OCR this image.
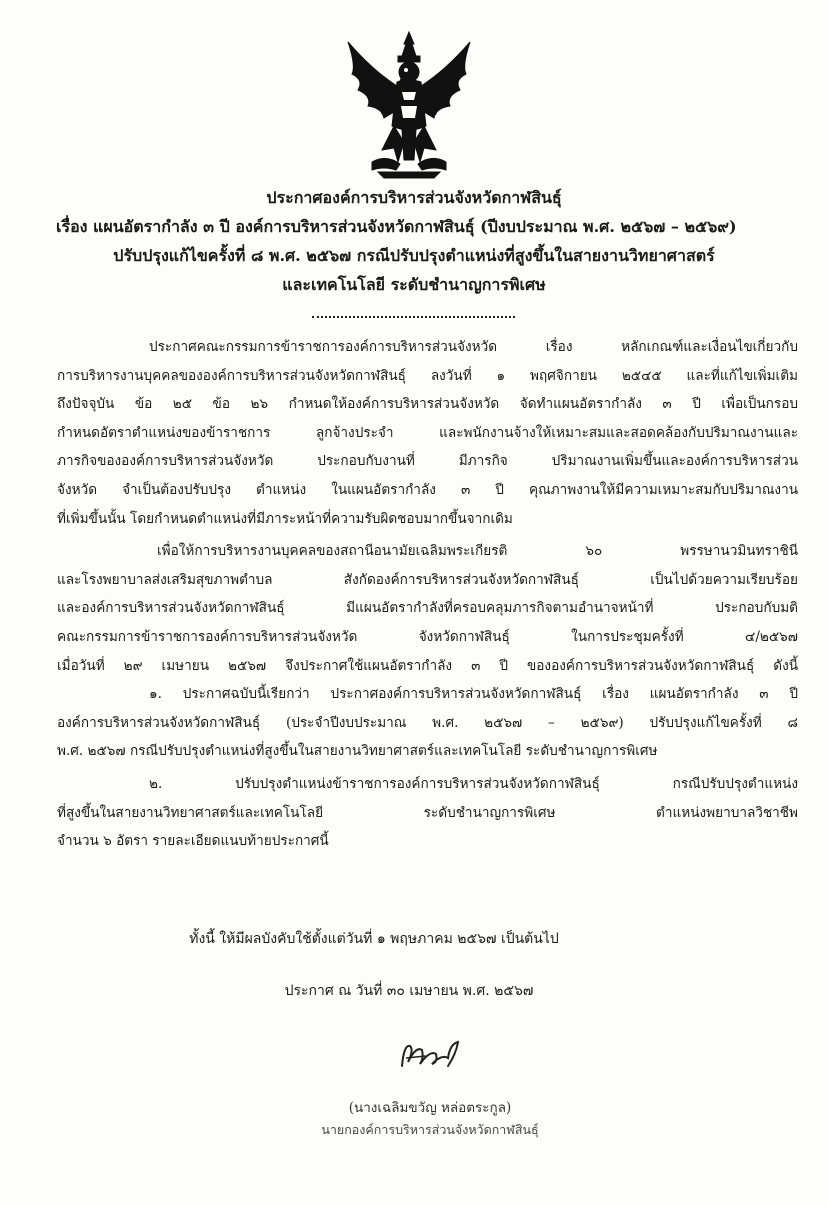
ประกาศองค์การบริหารส่วนจังหวัดกาฬสินธุ์
เรื่อง แผนอัตรากำลัง ๓ ปี องค์การบริหารส่วนจังหวัดกาฬสินธุ์ (ปีงบประมาณ พ.ศ. ๒๕๖๗ – ๒๕๖๙)
ปรับปรุงแก้ไขครั้งที่ ๘ พ.ศ. ๒๕๖๗ กรณีปรับปรุงตำแหน่งที่สูงขึ้นในสายงานวิทยาศาสตร์
และเทคโนโลยี ระดับชำนาญการพิเศษ
ประกาศคณะกรรมการข้าราชการองค์การบริหารส่วนจังหวัด เรื่อง หลักเกณฑ์และเงื่อนไขเกี่ยวกับ
การบริหารงานบุคคลขององค์การบริหารส่วนจังหวัดกาฬสินธุ์ ลงวันที่ ๑ พฤศจิกายน ๒๕๔๕ และที่แก้ไขเพิ่มเติม
ถึงปัจจุบัน ข้อ ๒๕ ข้อ ๒๖ กำหนดให้องค์การบริหารส่วนจังหวัด จัดทำแผนอัตรากำลัง ๓ ปี เพื่อเป็นกรอบ
กำหนดอัตราตำแหน่งของข้าราชการ ลูกจ้างประจำ และพนักงานจ้างให้เหมาะสมและสอดคล้องกับปริมาณงานและ
ภารกิจขององค์การบริหารส่วนจังหวัด ประกอบกับงานที่ มีภารกิจ ปริมาณงานเพิ่มขึ้นและองค์การบริหารส่วน
จังหวัด จำเป็นต้องปรับปรุง ตำแหน่ง ในแผนอัตรากำลัง ๓ ปี คุณภาพงานให้มีความเหมาะสมกับปริมาณงาน
ที่เพิ่มขึ้นนั้น โดยกำหนดตำแหน่งที่มีภาระหน้าที่ความรับผิดชอบมากขึ้นจากเดิม
เพื่อให้การบริหารงานบุคคลของสถานีอนามัยเฉลิมพระเกียรติ ๖๐ พรรษานวมินทราชินี
และโรงพยาบาลส่งเสริมสุขภาพตำบล สังกัดองค์การบริหารส่วนจังหวัดกาฬสินธุ์ เป็นไปด้วยความเรียบร้อย
และองค์การบริหารส่วนจังหวัดกาฬสินธุ์ มีแผนอัตรากำลังที่ครอบคลุมภารกิจตามอำนาจหน้าที่ ประกอบกับมติ
คณะกรรมการข้าราชการองค์การบริหารส่วนจังหวัด จังหวัดกาฬสินธุ์ ในการประชุมครั้งที่ ๔/๒๕๖๗
เมื่อวันที่ ๒๙ เมษายน ๒๕๖๗ จึงประกาศใช้แผนอัตรากำลัง ๓ ปี ขององค์การบริหารส่วนจังหวัดกาฬสินธุ์ ดังนี้
๑. ประกาศฉบับนี้เรียกว่า ประกาศองค์การบริหารส่วนจังหวัดกาฬสินธุ์ เรื่อง แผนอัตรากำลัง ๓ ปี
องค์การบริหารส่วนจังหวัดกาฬสินธุ์ (ประจำปีงบประมาณ พ.ศ. ๒๕๖๗ – ๒๕๖๙) ปรับปรุงแก้ไขครั้งที่ ๘
พ.ศ. ๒๕๖๗ กรณีปรับปรุงตำแหน่งที่สูงขึ้นในสายงานวิทยาศาสตร์และเทคโนโลยี ระดับชำนาญการพิเศษ
๒. ปรับปรุงตำแหน่งข้าราชการองค์การบริหารส่วนจังหวัดกาฬสินธุ์ กรณีปรับปรุงตำแหน่ง
ที่สูงขึ้นในสายงานวิทยาศาสตร์และเทคโนโลยี ระดับชำนาญการพิเศษ ตำแหน่งพยาบาลวิชาชีพ
จำนวน ๖ อัตรา รายละเอียดแนบท้ายประกาศนี้
ทั้งนี้ ให้มีผลบังคับใช้ตั้งแต่วันที่ ๑ พฤษภาคม ๒๕๖๗ เป็นต้นไป
ประกาศ ณ วันที่ ๓๐ เมษายน พ.ศ. ๒๕๖๗
(นางเฉลิมขวัญ หล่อตระกูล)
นายกองค์การบริหารส่วนจังหวัดกาฬสินธุ์
